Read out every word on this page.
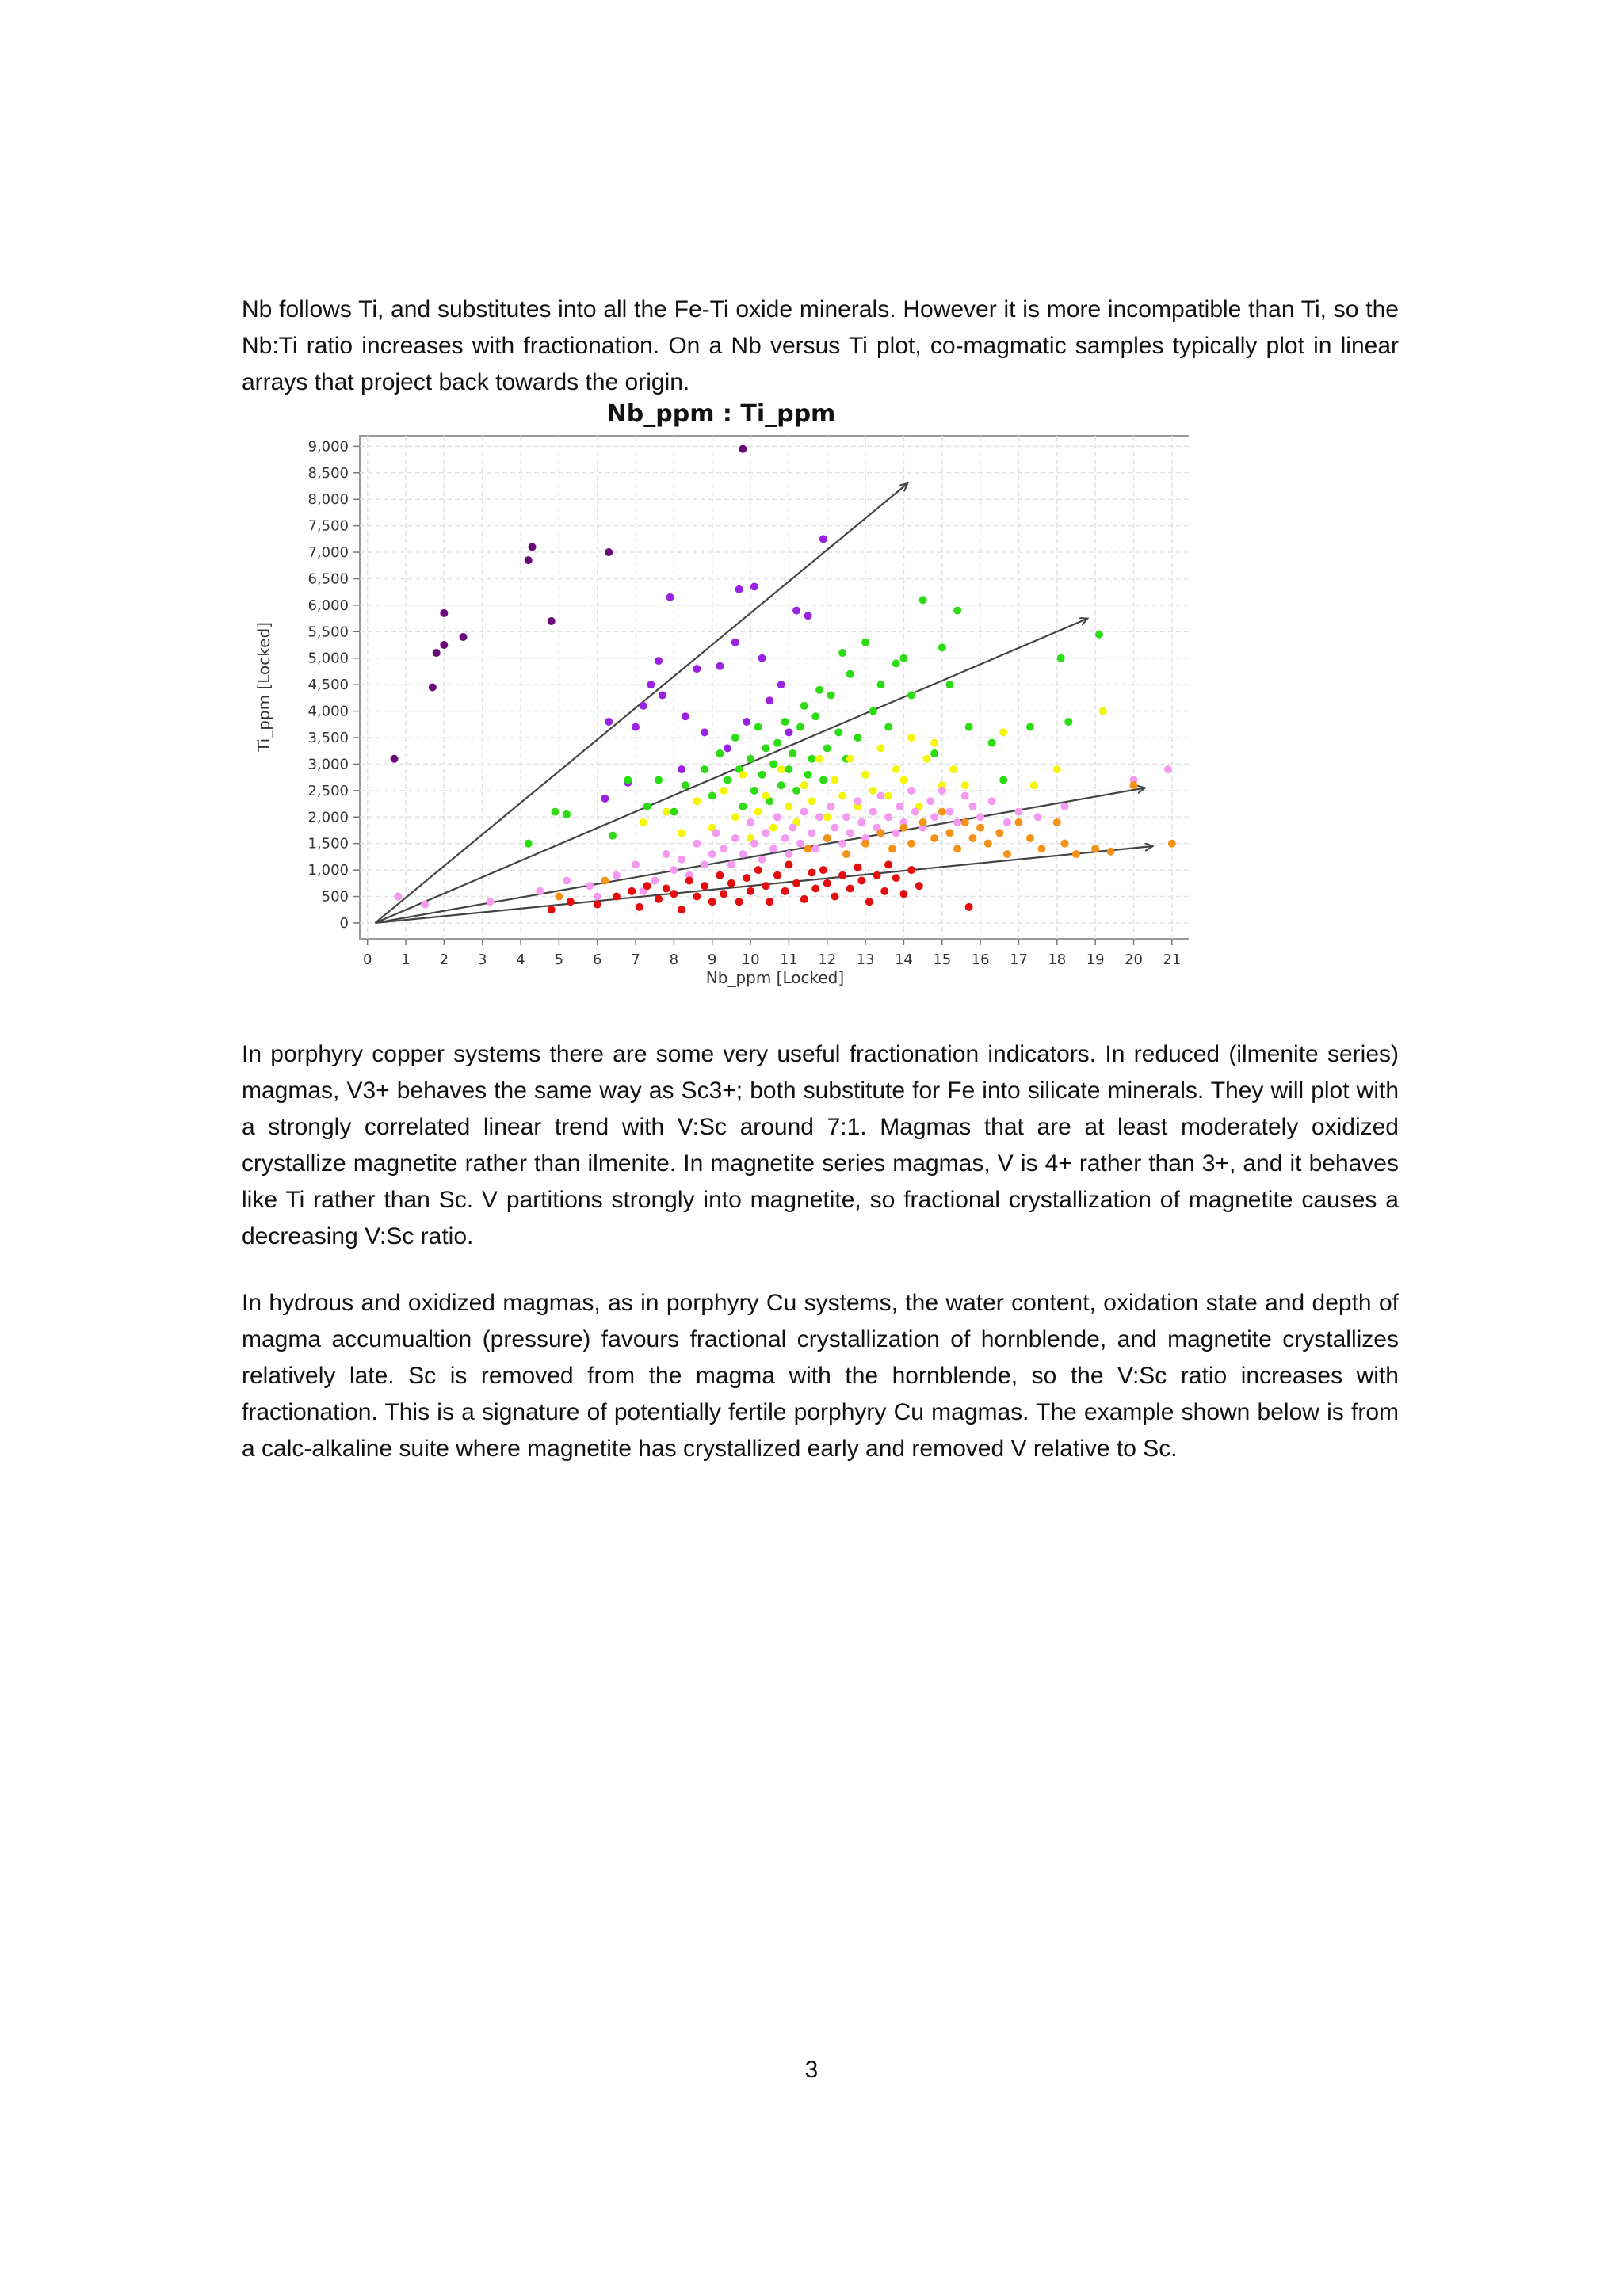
Nb follows Ti, and substitutes into all the Fe-Ti oxide minerals. However it is more incompatible than Ti, so the Nb:Ti ratio increases with fractionation. On a Nb versus Ti plot, co-magmatic samples typically plot in linear arrays that project back towards the origin.

Nb_ppm : Ti_ppm
0 1 2 3 4 5 6 7 8 9 10 11 12 13 14 15 16 17 18 19 20 21
0
500
1,000
1,500
2,000
2,500
3,000
3,500
4,000
4,500
5,000
5,500
6,000
6,500
7,000
7,500
8,000
8,500
9,000
Nb_ppm [Locked]
Ti_ppm [Locked]

In porphyry copper systems there are some very useful fractionation indicators. In reduced (ilmenite series) magmas, V3+ behaves the same way as Sc3+; both substitute for Fe into silicate minerals. They will plot with a strongly correlated linear trend with V:Sc around 7:1. Magmas that are at least moderately oxidized crystallize magnetite rather than ilmenite. In magnetite series magmas, V is 4+ rather than 3+, and it behaves like Ti rather than Sc. V partitions strongly into magnetite, so fractional crystallization of magnetite causes a decreasing V:Sc ratio.

In hydrous and oxidized magmas, as in porphyry Cu systems, the water content, oxidation state and depth of magma accumualtion (pressure) favours fractional crystallization of hornblende, and magnetite crystallizes relatively late. Sc is removed from the magma with the hornblende, so the V:Sc ratio increases with fractionation. This is a signature of potentially fertile porphyry Cu magmas. The example shown below is from a calc-alkaline suite where magnetite has crystallized early and removed V relative to Sc.

3
